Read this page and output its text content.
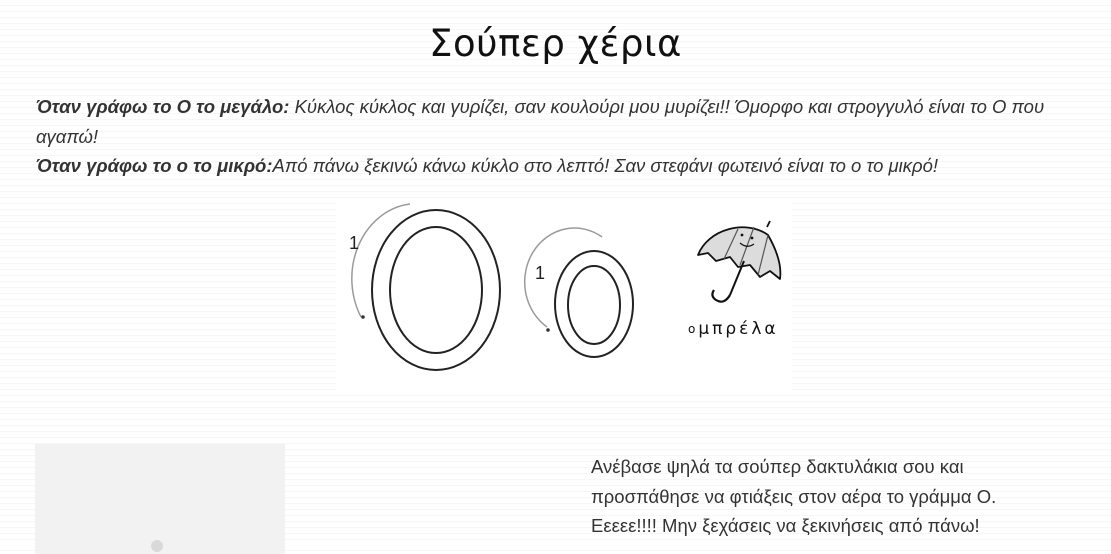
Σούπερ χέρια

Όταν γράφω το Ο το μεγάλο: Κύκλος κύκλος και γυρίζει, σαν κουλούρι μου μυρίζει!! Όμορφο και στρογγυλό είναι το Ο που αγαπώ!
Όταν γράφω το ο το μικρό:Από πάνω ξεκινώ κάνω κύκλο στο λεπτό! Σαν στεφάνι φωτεινό είναι το ο το μικρό!

1
1
ο μπρέλα

Ανέβασε ψηλά τα σούπερ δακτυλάκια σου και
προσπάθησε να φτιάξεις στον αέρα το γράμμα Ο.
Εεεεε!!!! Μην ξεχάσεις να ξεκινήσεις από πάνω!
